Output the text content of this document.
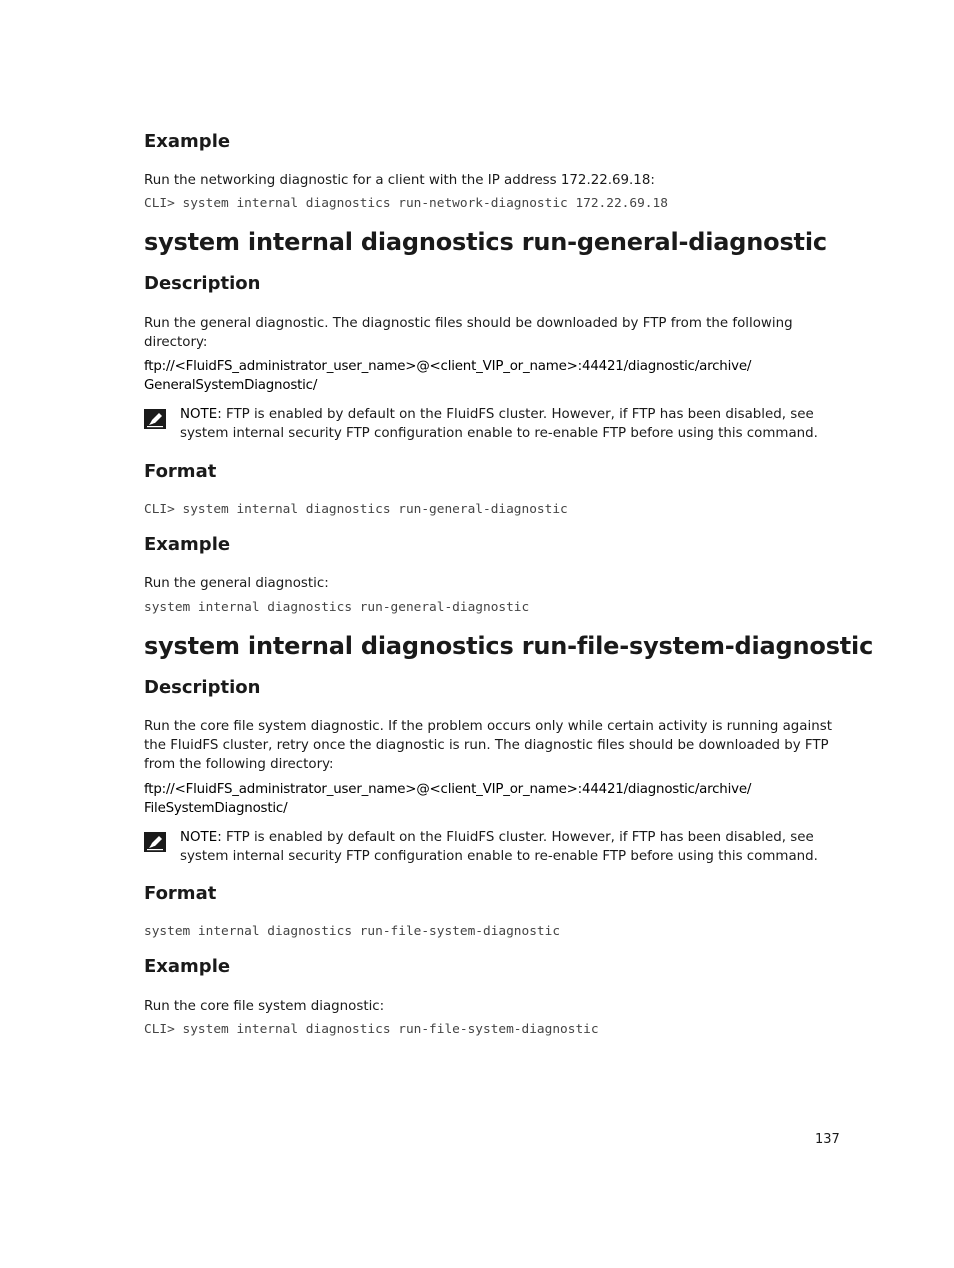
Example

Run the networking diagnostic for a client with the IP address 172.22.69.18:

CLI> system internal diagnostics run-network-diagnostic 172.22.69.18
system internal diagnostics run-general-diagnostic
Description

Run the general diagnostic. The diagnostic files should be downloaded by FTP from the following directory:

ftp://<FluidFS_administrator_user_name>@<client_VIP_or_name>:44421/diagnostic/archive/
GeneralSystemDiagnostic/
NOTE: FTP is enabled by default on the FluidFS cluster. However, if FTP has been disabled, see system internal security FTP configuration enable to re-enable FTP before using this command.
Format
CLI> system internal diagnostics run-general-diagnostic
Example

Run the general diagnostic:

system internal diagnostics run-general-diagnostic
system internal diagnostics run-file-system-diagnostic
Description

Run the core file system diagnostic. If the problem occurs only while certain activity is running against the FluidFS cluster, retry once the diagnostic is run. The diagnostic files should be downloaded by FTP from the following directory:

ftp://<FluidFS_administrator_user_name>@<client_VIP_or_name>:44421/diagnostic/archive/
FileSystemDiagnostic/
NOTE: FTP is enabled by default on the FluidFS cluster. However, if FTP has been disabled, see system internal security FTP configuration enable to re-enable FTP before using this command.
Format
system internal diagnostics run-file-system-diagnostic
Example

Run the core file system diagnostic:

CLI> system internal diagnostics run-file-system-diagnostic
137
